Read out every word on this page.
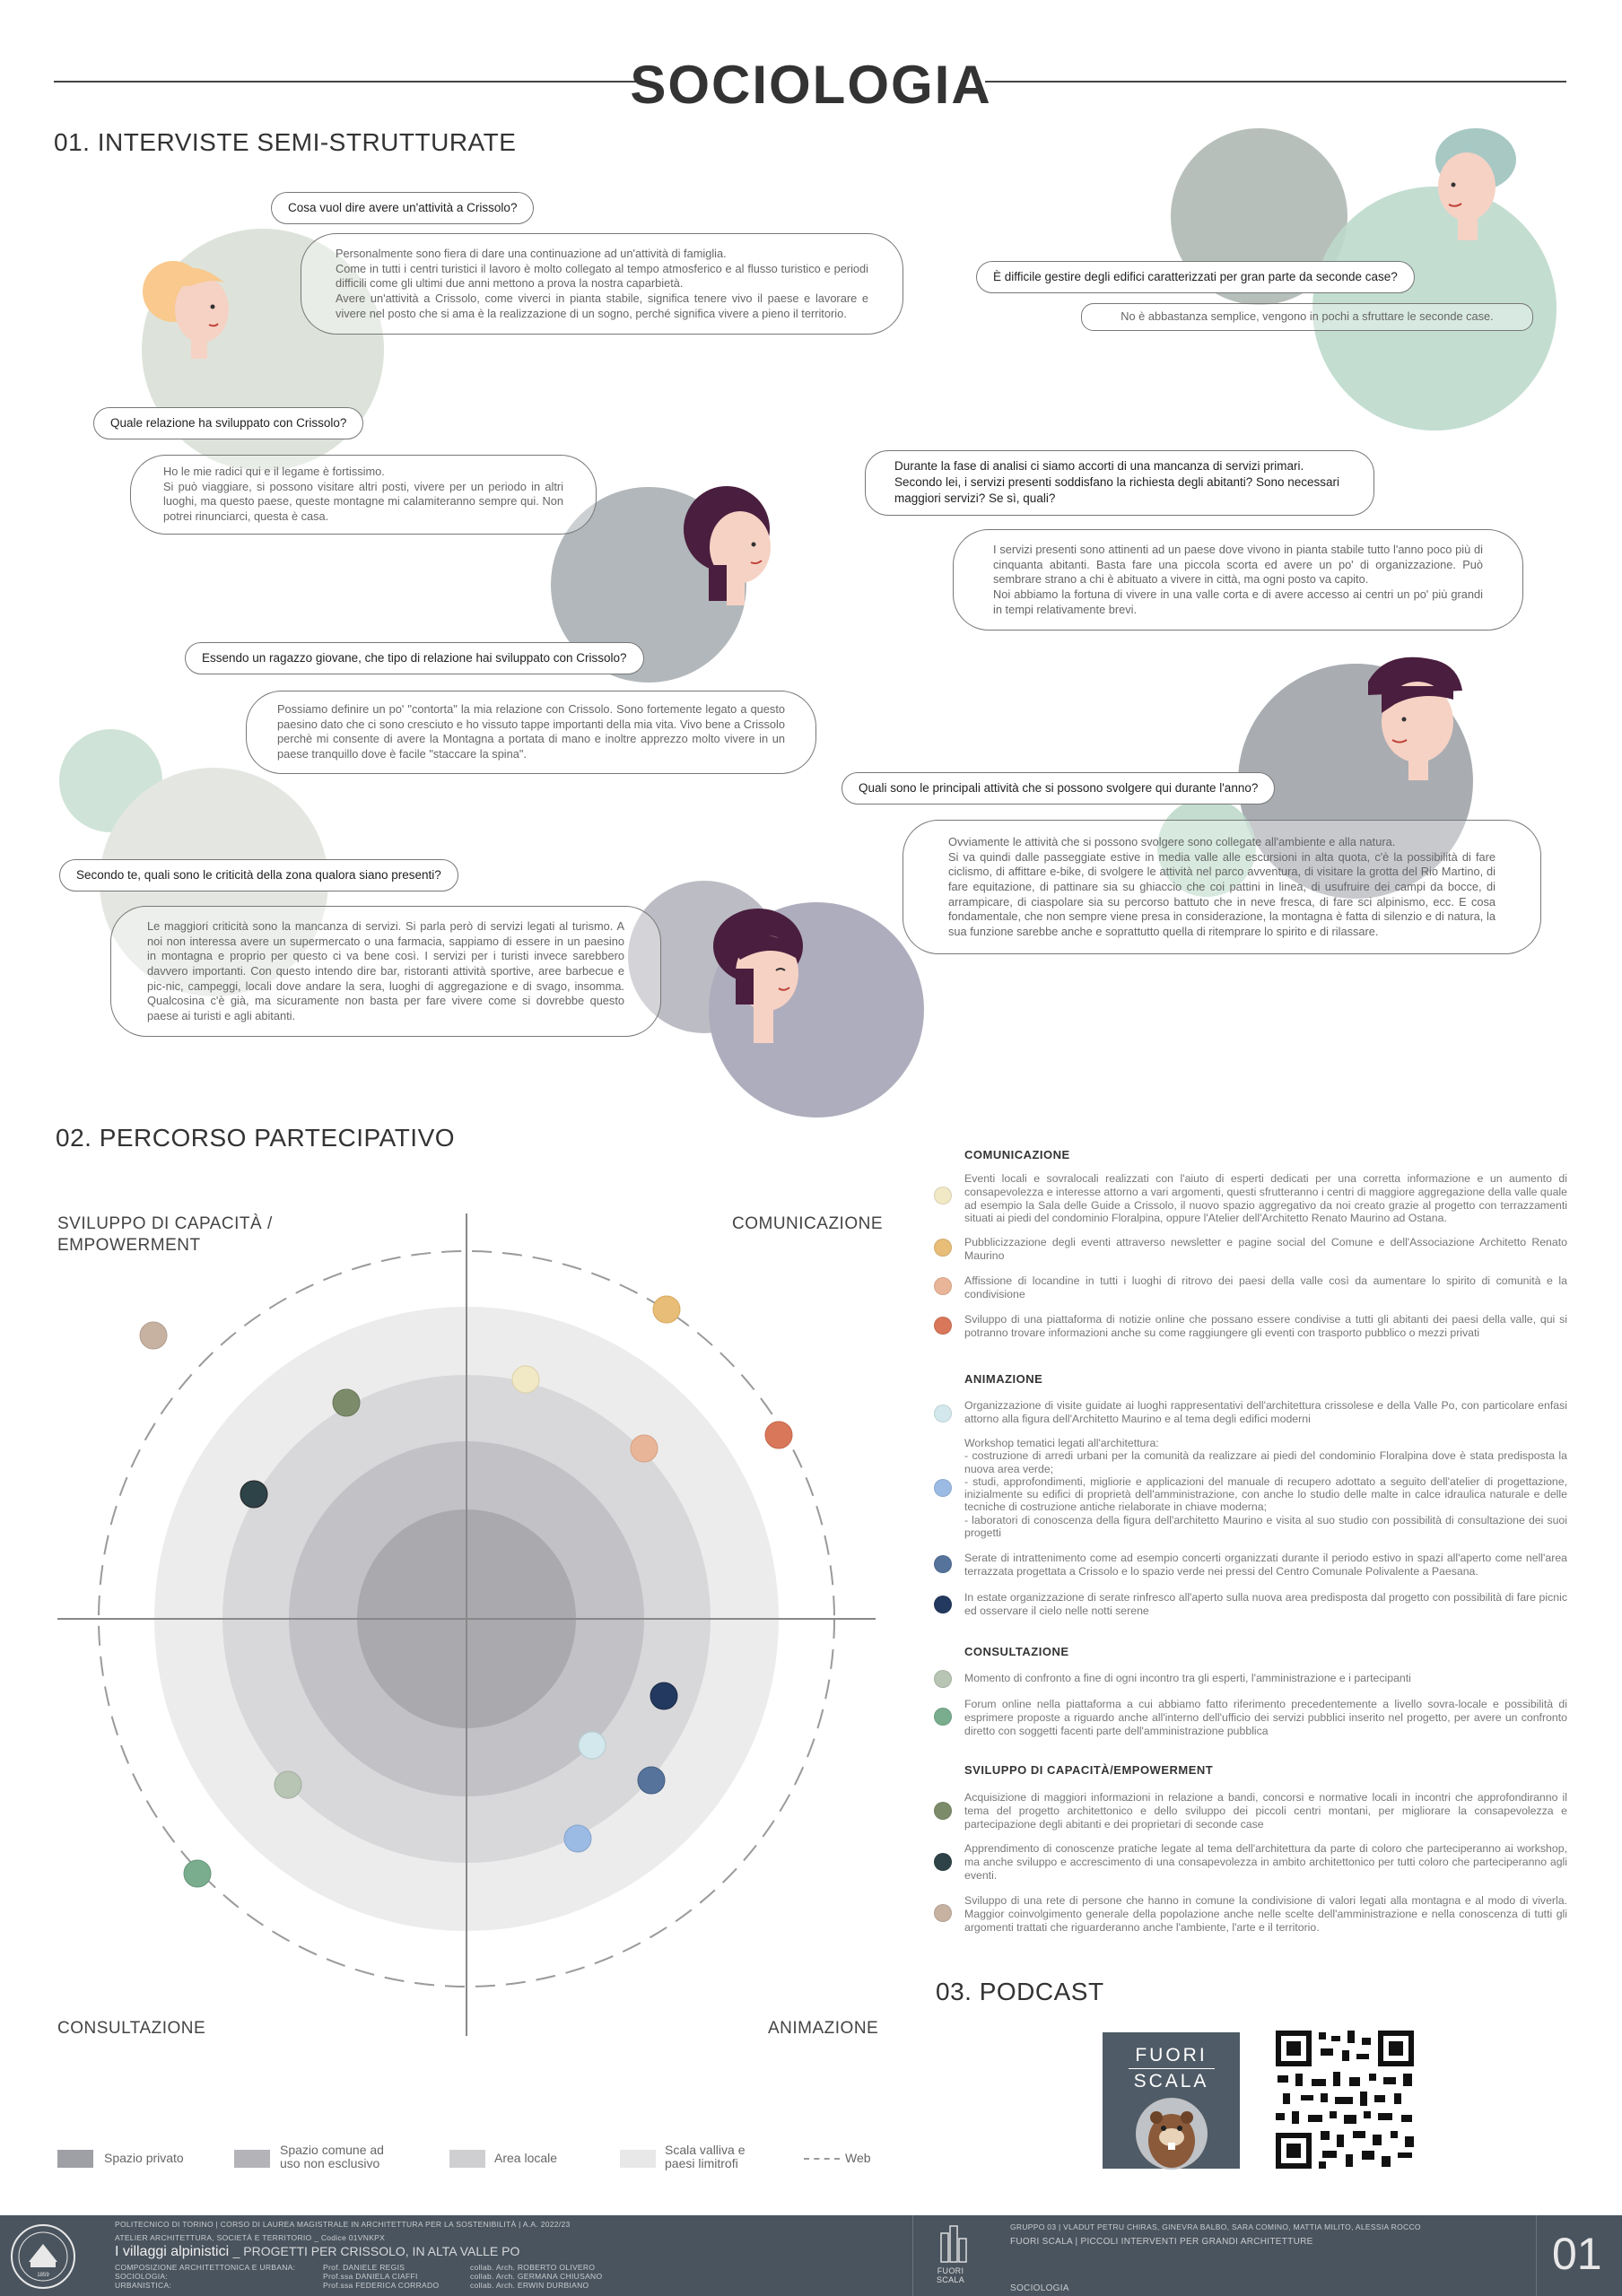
SOCIOLOGIA
01. INTERVISTE SEMI-STRUTTURATE
Cosa vuol dire avere un'attività a Crissolo?
Personalmente sono fiera di dare una continuazione ad un'attività di famiglia.
Come in tutti i centri turistici il lavoro è molto collegato al tempo atmosferico e al flusso turistico e periodi difficili come gli ultimi due anni mettono a prova la nostra caparbietà.
Avere un'attività a Crissolo, come viverci in pianta stabile, significa tenere vivo il paese e lavorare e vivere nel posto che si ama è la realizzazione di un sogno, perché significa vivere a pieno il territorio.
È difficile gestire degli edifici caratterizzati per gran parte da seconde case?
No è abbastanza semplice, vengono in pochi a sfruttare le seconde case.
Quale relazione ha sviluppato con Crissolo?
Ho le mie radici qui e il legame è fortissimo.
Si può viaggiare, si possono visitare altri posti, vivere per un periodo in altri luoghi, ma questo paese, queste montagne mi calamiteranno sempre qui. Non potrei rinunciarci, questa è casa.
Durante la fase di analisi ci siamo accorti di una mancanza di servizi primari. Secondo lei, i servizi presenti soddisfano la richiesta degli abitanti? Sono necessari maggiori servizi? Se sì, quali?
I servizi presenti sono attinenti ad un paese dove vivono in pianta stabile tutto l'anno poco più di cinquanta abitanti. Basta fare una piccola scorta ed avere un po' di organizzazione. Può sembrare strano a chi è abituato a vivere in città, ma ogni posto va capito.
Noi abbiamo la fortuna di vivere in una valle corta e di avere accesso ai centri un po' più grandi in tempi relativamente brevi.
Essendo un ragazzo giovane, che tipo di relazione hai sviluppato con Crissolo?
Possiamo definire un po' "contorta" la mia relazione con Crissolo. Sono fortemente legato a questo paesino dato che ci sono cresciuto e ho vissuto tappe importanti della mia vita. Vivo bene a Crissolo perchè mi consente di avere la Montagna a portata di mano e inoltre apprezzo molto vivere in un paese tranquillo dove è facile "staccare la spina".
Quali sono le principali attività che si possono svolgere qui durante l'anno?
Ovviamente le attività che si possono svolgere sono collegate all'ambiente e alla natura.
Si va quindi dalle passeggiate estive in media valle alle escursioni in alta quota, c'è la possibilità di fare ciclismo, di affittare e-bike, di svolgere le attività nel parco avventura, di visitare la grotta del Rio Martino, di fare equitazione, di pattinare sia su ghiaccio che coi pattini in linea, di usufruire dei campi da bocce, di arrampicare, di ciaspolare sia su percorso battuto che in neve fresca, di fare sci alpinismo, ecc. E cosa fondamentale, che non sempre viene presa in considerazione, la montagna è fatta di silenzio e di natura, la sua funzione sarebbe anche e soprattutto quella di ritemprare lo spirito e di rilassare.
Secondo te, quali sono le criticità della zona qualora siano presenti?
Le maggiori criticità sono la mancanza di servizi. Si parla però di servizi legati al turismo. A noi non interessa avere un supermercato o una farmacia, sappiamo di essere in un paesino in montagna e proprio per questo ci va bene così. I servizi per i turisti invece sarebbero davvero importanti. Con questo intendo dire bar, ristoranti attività sportive, aree barbecue e pic-nic, campeggi, locali dove andare la sera, luoghi di aggregazione e di svago, insomma. Qualcosina c'è già, ma sicuramente non basta per fare vivere come si dovrebbe questo paese ai turisti e agli abitanti.
02. PERCORSO PARTECIPATIVO
SVILUPPO DI CAPACITÀ /
EMPOWERMENT
COMUNICAZIONE
CONSULTAZIONE	ANIMAZIONE
Spazio privato
Spazio comune ad
uso non esclusivo	Area locale
Scala valliva e
paesi limitrofi	Web
COMUNICAZIONE
Eventi locali e sovralocali realizzati con l'aiuto di esperti dedicati per una corretta informazione e un aumento di consapevolezza e interesse attorno a vari argomenti, questi sfrutteranno i centri di maggiore aggregazione della valle quale ad esempio la Sala delle Guide a Crissolo, il nuovo spazio aggregativo da noi creato grazie al progetto con terrazzamenti situati ai piedi del condominio Floralpina, oppure l'Atelier dell'Architetto Renato Maurino ad Ostana.
Pubblicizzazione degli eventi attraverso newsletter e pagine social del Comune e dell'Associazione Architetto Renato Maurino
Affissione di locandine in tutti i luoghi di ritrovo dei paesi della valle così da aumentare lo spirito di comunità e la condivisione
Sviluppo di una piattaforma di notizie online che possano essere condivise a tutti gli abitanti dei paesi della valle, qui si potranno trovare informazioni anche su come raggiungere gli eventi con trasporto pubblico o mezzi privati
ANIMAZIONE
Organizzazione di visite guidate ai luoghi rappresentativi dell'architettura crissolese e della Valle Po, con particolare enfasi attorno alla figura dell'Architetto Maurino e al tema degli edifici moderni
Workshop tematici legati all'architettura:
- costruzione di arredi urbani per la comunità da realizzare ai piedi del condominio Floralpina dove è stata predisposta la nuova area verde;
- studi, approfondimenti, migliorie e applicazioni del manuale di recupero adottato a seguito dell'atelier di progettazione, inizialmente su edifici di proprietà dell'amministrazione, con anche lo studio delle malte in calce idraulica naturale e delle tecniche di costruzione antiche rielaborate in chiave moderna;
- laboratori di conoscenza della figura dell'architetto Maurino e visita al suo studio con possibilità di consultazione dei suoi progetti
Serate di intrattenimento come ad esempio concerti organizzati durante il periodo estivo in spazi all'aperto come nell'area terrazzata progettata a Crissolo e lo spazio verde nei pressi del Centro Comunale Polivalente a Paesana.
In estate organizzazione di serate rinfresco all'aperto sulla nuova area predisposta dal progetto con possibilità di fare picnic ed osservare il cielo nelle notti serene
CONSULTAZIONE
Momento di confronto a fine di ogni incontro tra gli esperti, l'amministrazione e i partecipanti
Forum online nella piattaforma a cui abbiamo fatto riferimento precedentemente a livello sovra-locale e possibilità di esprimere proposte a riguardo anche all'interno dell'ufficio dei servizi pubblici inserito nel progetto, per avere un confronto diretto con soggetti facenti parte dell'amministrazione pubblica
SVILUPPO DI CAPACITÀ/EMPOWERMENT
Acquisizione di maggiori informazioni in relazione a bandi, concorsi e normative locali in incontri che approfondiranno il tema del progetto architettonico e dello sviluppo dei piccoli centri montani, per migliorare la consapevolezza e partecipazione degli abitanti e dei proprietari di seconde case
Apprendimento di conoscenze pratiche legate al tema dell'architettura da parte di coloro che parteciperanno ai workshop, ma anche sviluppo e accrescimento di una consapevolezza in ambito architettonico per tutti coloro che parteciperanno agli eventi.
Sviluppo di una rete di persone che hanno in comune la condivisione di valori legati alla montagna e al modo di viverla. Maggior coinvolgimento generale della popolazione anche nelle scelte dell'amministrazione e nella conoscenza di tutti gli argomenti trattati che riguarderanno anche l'ambiente, l'arte e il territorio.
03. PODCAST
FUORI
SCALA
1859
POLITECNICO DI TORINO | CORSO DI LAUREA MAGISTRALE IN ARCHITETTURA PER LA SOSTENIBILITÀ | A.A. 2022/23
ATELIER ARCHITETTURA, SOCIETÀ E TERRITORIO _ Codice 01VNKPX
I villaggi alpinistici _ PROGETTI PER CRISSOLO, IN ALTA VALLE PO
COMPOSIZIONE ARCHITETTONICA E URBANA:
SOCIOLOGIA:
URBANISTICA:
Prof. DANIELE REGIS
Prof.ssa DANIELA CIAFFI
Prof.ssa FEDERICA CORRADO
collab. Arch. ROBERTO OLIVERO
collab. Arch. GERMANA CHIUSANO
collab. Arch. ERWIN DURBIANO
FUORI
SCALA
GRUPPO 03 | VLADUT PETRU CHIRAS, GINEVRA BALBO, SARA COMINO, MATTIA MILITO, ALESSIA ROCCO
FUORI SCALA | PICCOLI INTERVENTI PER GRANDI ARCHITETTURE
SOCIOLOGIA
01
